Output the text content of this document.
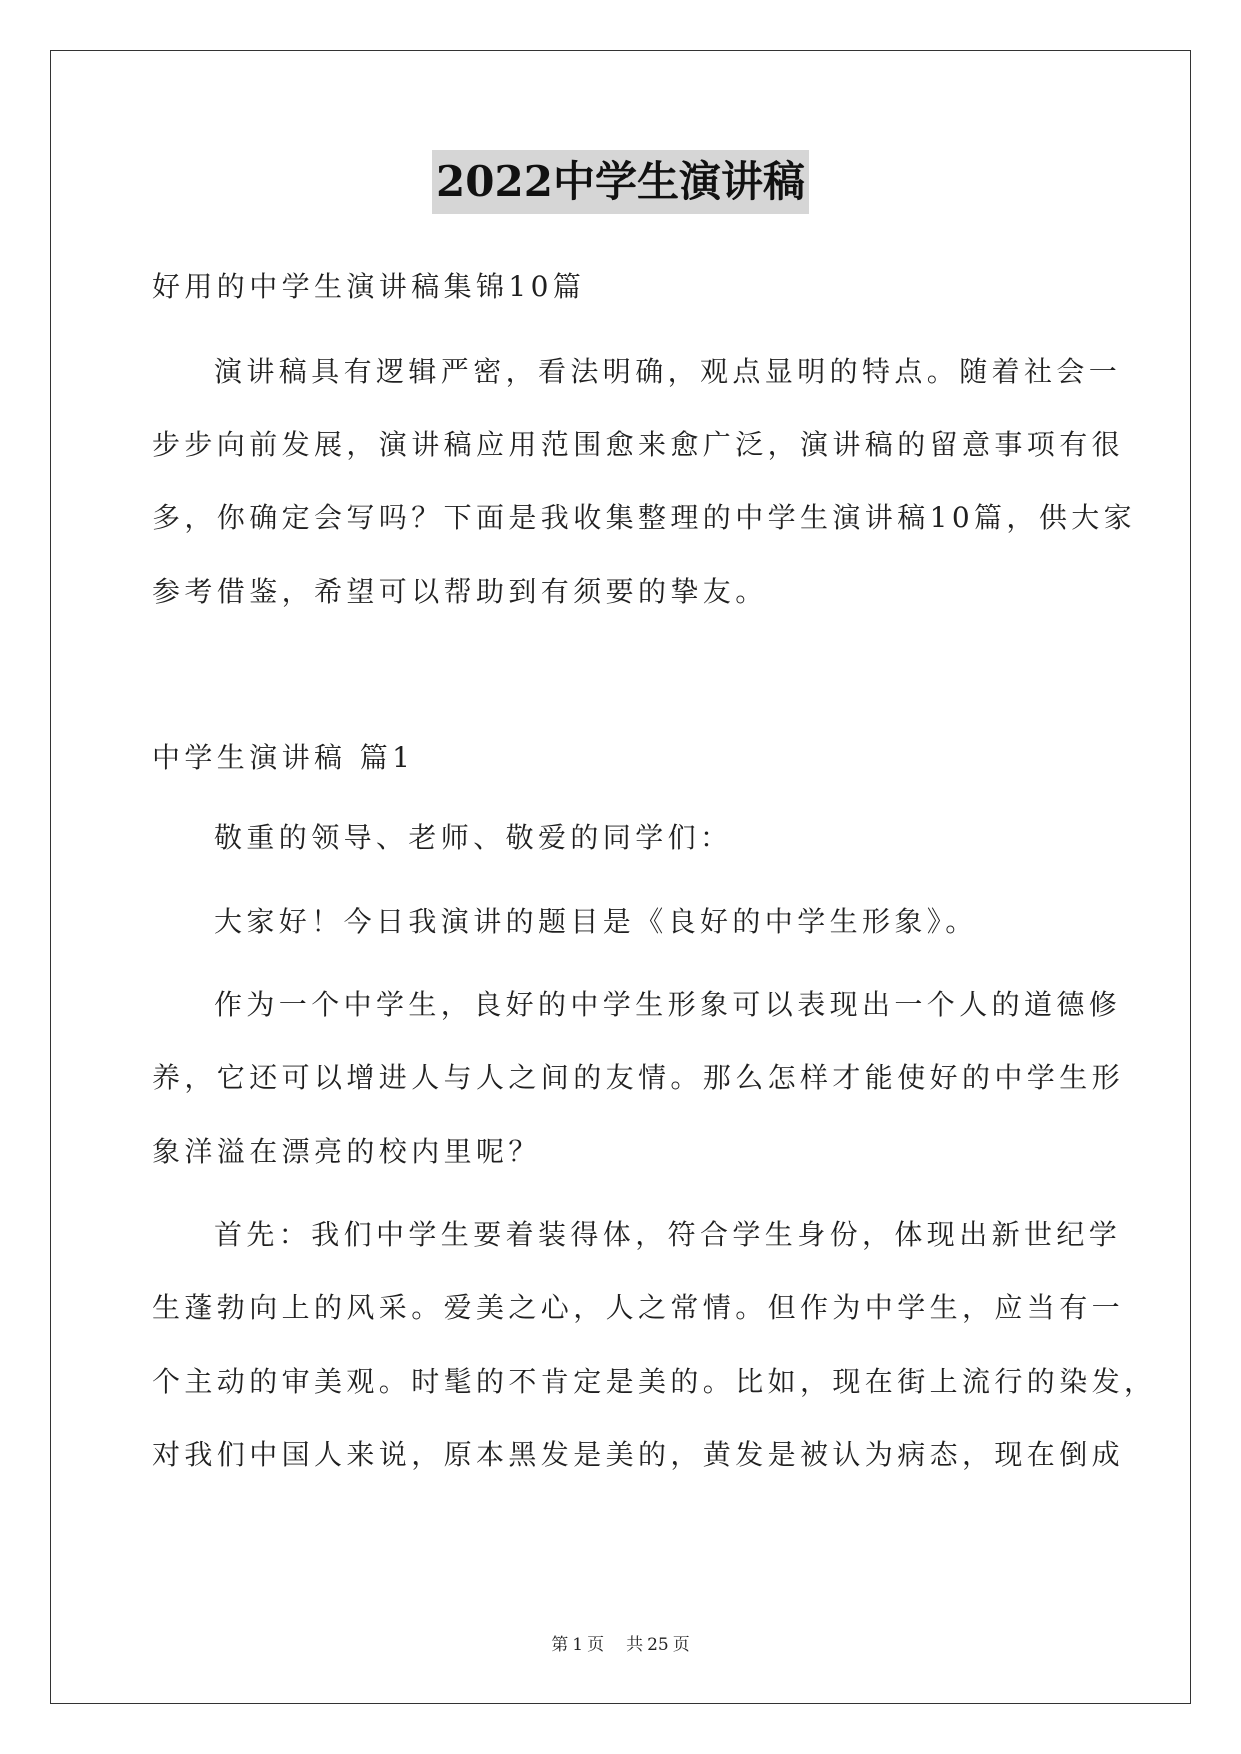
2022中学生演讲稿
好用的中学生演讲稿集锦10篇
演讲稿具有逻辑严密，看法明确，观点显明的特点。随着社会一
步步向前发展，演讲稿应用范围愈来愈广泛，演讲稿的留意事项有很
多，你确定会写吗？下面是我收集整理的中学生演讲稿10篇，供大家
参考借鉴，希望可以帮助到有须要的挚友。
中学生演讲稿 篇1
敬重的领导、老师、敬爱的同学们：
大家好！今日我演讲的题目是《良好的中学生形象》。
作为一个中学生，良好的中学生形象可以表现出一个人的道德修
养，它还可以增进人与人之间的友情。那么怎样才能使好的中学生形
象洋溢在漂亮的校内里呢？
首先：我们中学生要着装得体，符合学生身份，体现出新世纪学
生蓬勃向上的风采。爱美之心，人之常情。但作为中学生，应当有一
个主动的审美观。时髦的不肯定是美的。比如，现在街上流行的染发，
对我们中国人来说，原本黑发是美的，黄发是被认为病态，现在倒成
第 1 页 共 25 页
